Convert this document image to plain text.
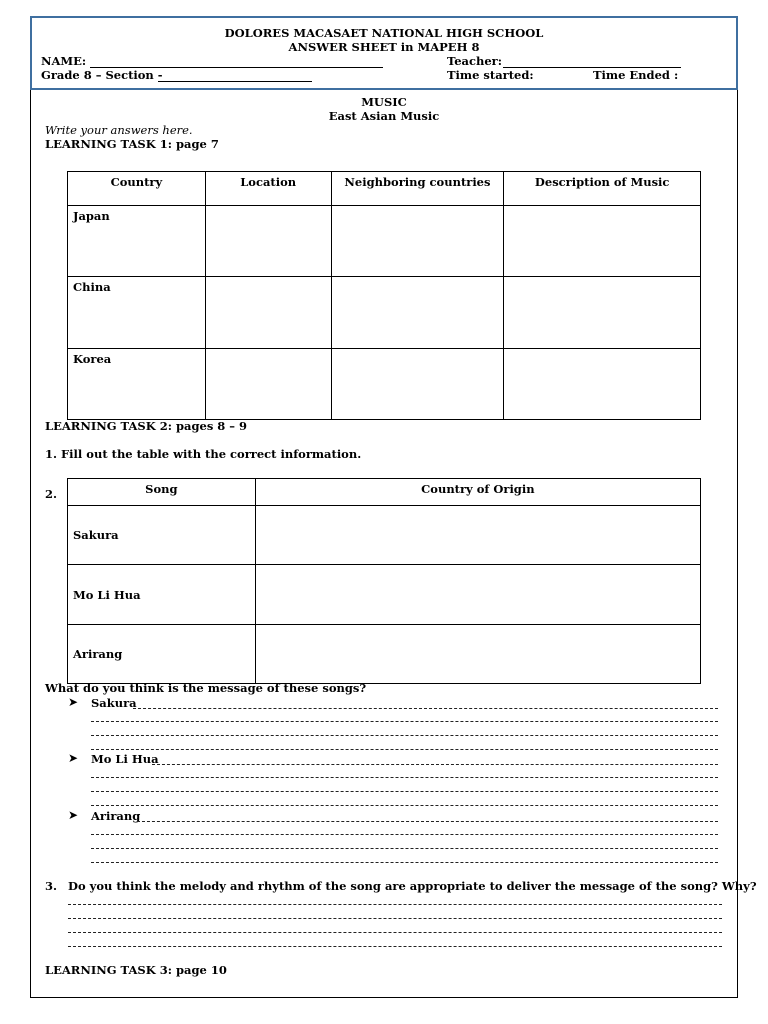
DOLORES MACASAET NATIONAL HIGH SCHOOL
ANSWER SHEET in MAPEH 8
NAME:	Teacher:
Grade 8 – Section -	Time started:	Time Ended :
MUSIC
East Asian Music
Write your answers here.
LEARNING TASK 1: page 7
Country	Location	Neighboring countries	Description of Music
Japan			
China			
Korea			
LEARNING TASK 2: pages 8 – 9
1. Fill out the table with the correct information.
2.	Song	Country of Origin
Sakura	
Mo Li Hua	
Arirang	
What do you think is the message of these songs?
➤ Sakura
➤ Mo Li Hua
➤ Arirang
3. Do you think the melody and rhythm of the song are appropriate to deliver the message of the song? Why?
LEARNING TASK 3: page 10
